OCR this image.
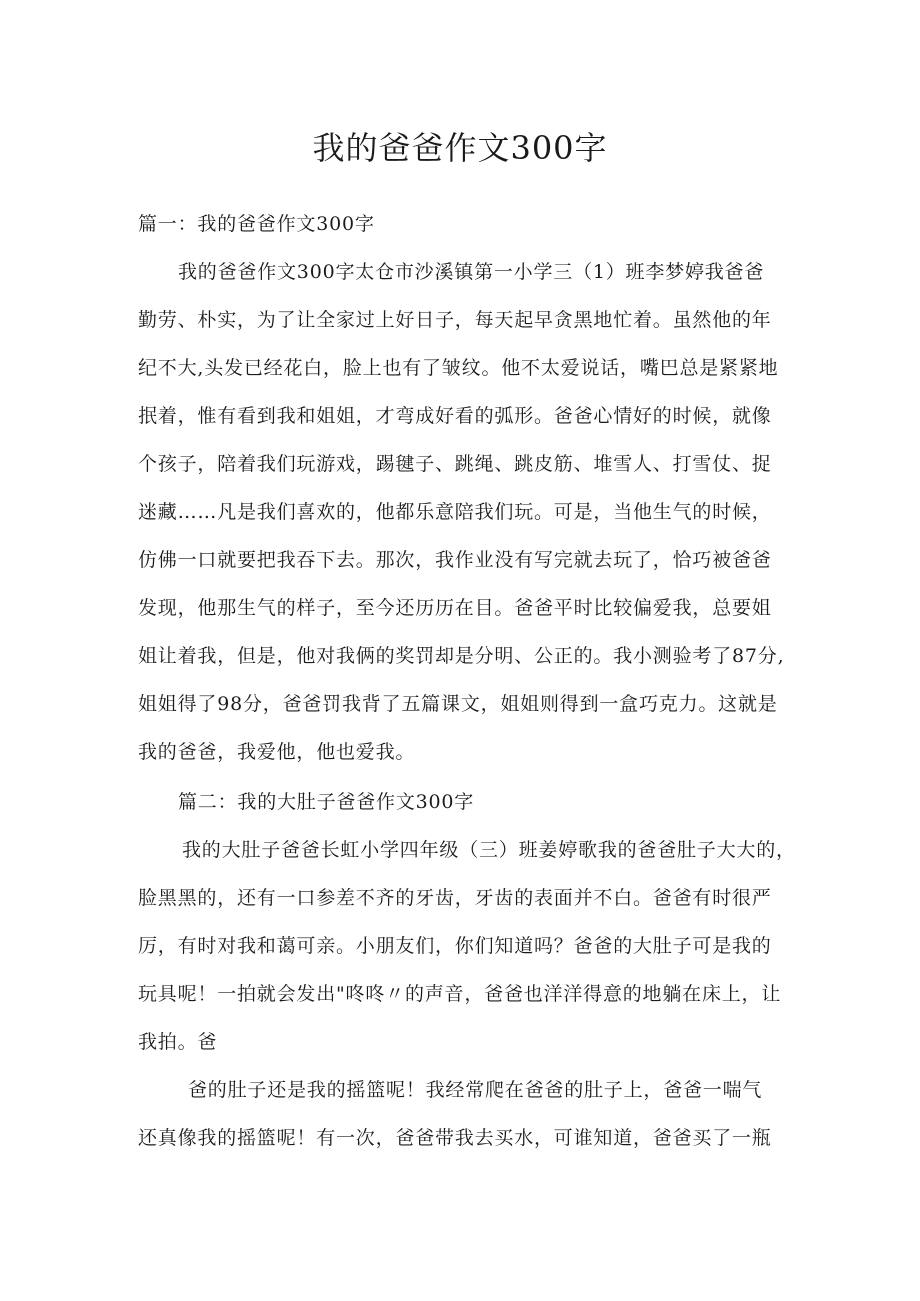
我的爸爸作文300字
篇一：我的爸爸作文300字
我的爸爸作文300字太仓市沙溪镇第一小学三（1）班李梦婷我爸爸
勤劳、朴实，为了让全家过上好日子，每天起早贪黑地忙着。虽然他的年
纪不大,头发已经花白，脸上也有了皱纹。他不太爱说话，嘴巴总是紧紧地
抿着，惟有看到我和姐姐，才弯成好看的弧形。爸爸心情好的时候，就像
个孩子，陪着我们玩游戏，踢毽子、跳绳、跳皮筋、堆雪人、打雪仗、捉
迷藏……凡是我们喜欢的，他都乐意陪我们玩。可是，当他生气的时候，
仿佛一口就要把我吞下去。那次，我作业没有写完就去玩了，恰巧被爸爸
发现，他那生气的样子，至今还历历在目。爸爸平时比较偏爱我，总要姐
姐让着我，但是，他对我俩的奖罚却是分明、公正的。我小测验考了87分,
姐姐得了98分，爸爸罚我背了五篇课文，姐姐则得到一盒巧克力。这就是
我的爸爸，我爱他，他也爱我。
篇二：我的大肚子爸爸作文300字
我的大肚子爸爸长虹小学四年级（三）班姜婷歌我的爸爸肚子大大的，
脸黑黑的，还有一口参差不齐的牙齿，牙齿的表面并不白。爸爸有时很严
厉，有时对我和蔼可亲。小朋友们，你们知道吗？爸爸的大肚子可是我的
玩具呢！一拍就会发出"咚咚〃的声音，爸爸也洋洋得意的地躺在床上，让
我拍。爸
爸的肚子还是我的摇篮呢！我经常爬在爸爸的肚子上，爸爸一喘气
还真像我的摇篮呢！有一次，爸爸带我去买水，可谁知道，爸爸买了一瓶
